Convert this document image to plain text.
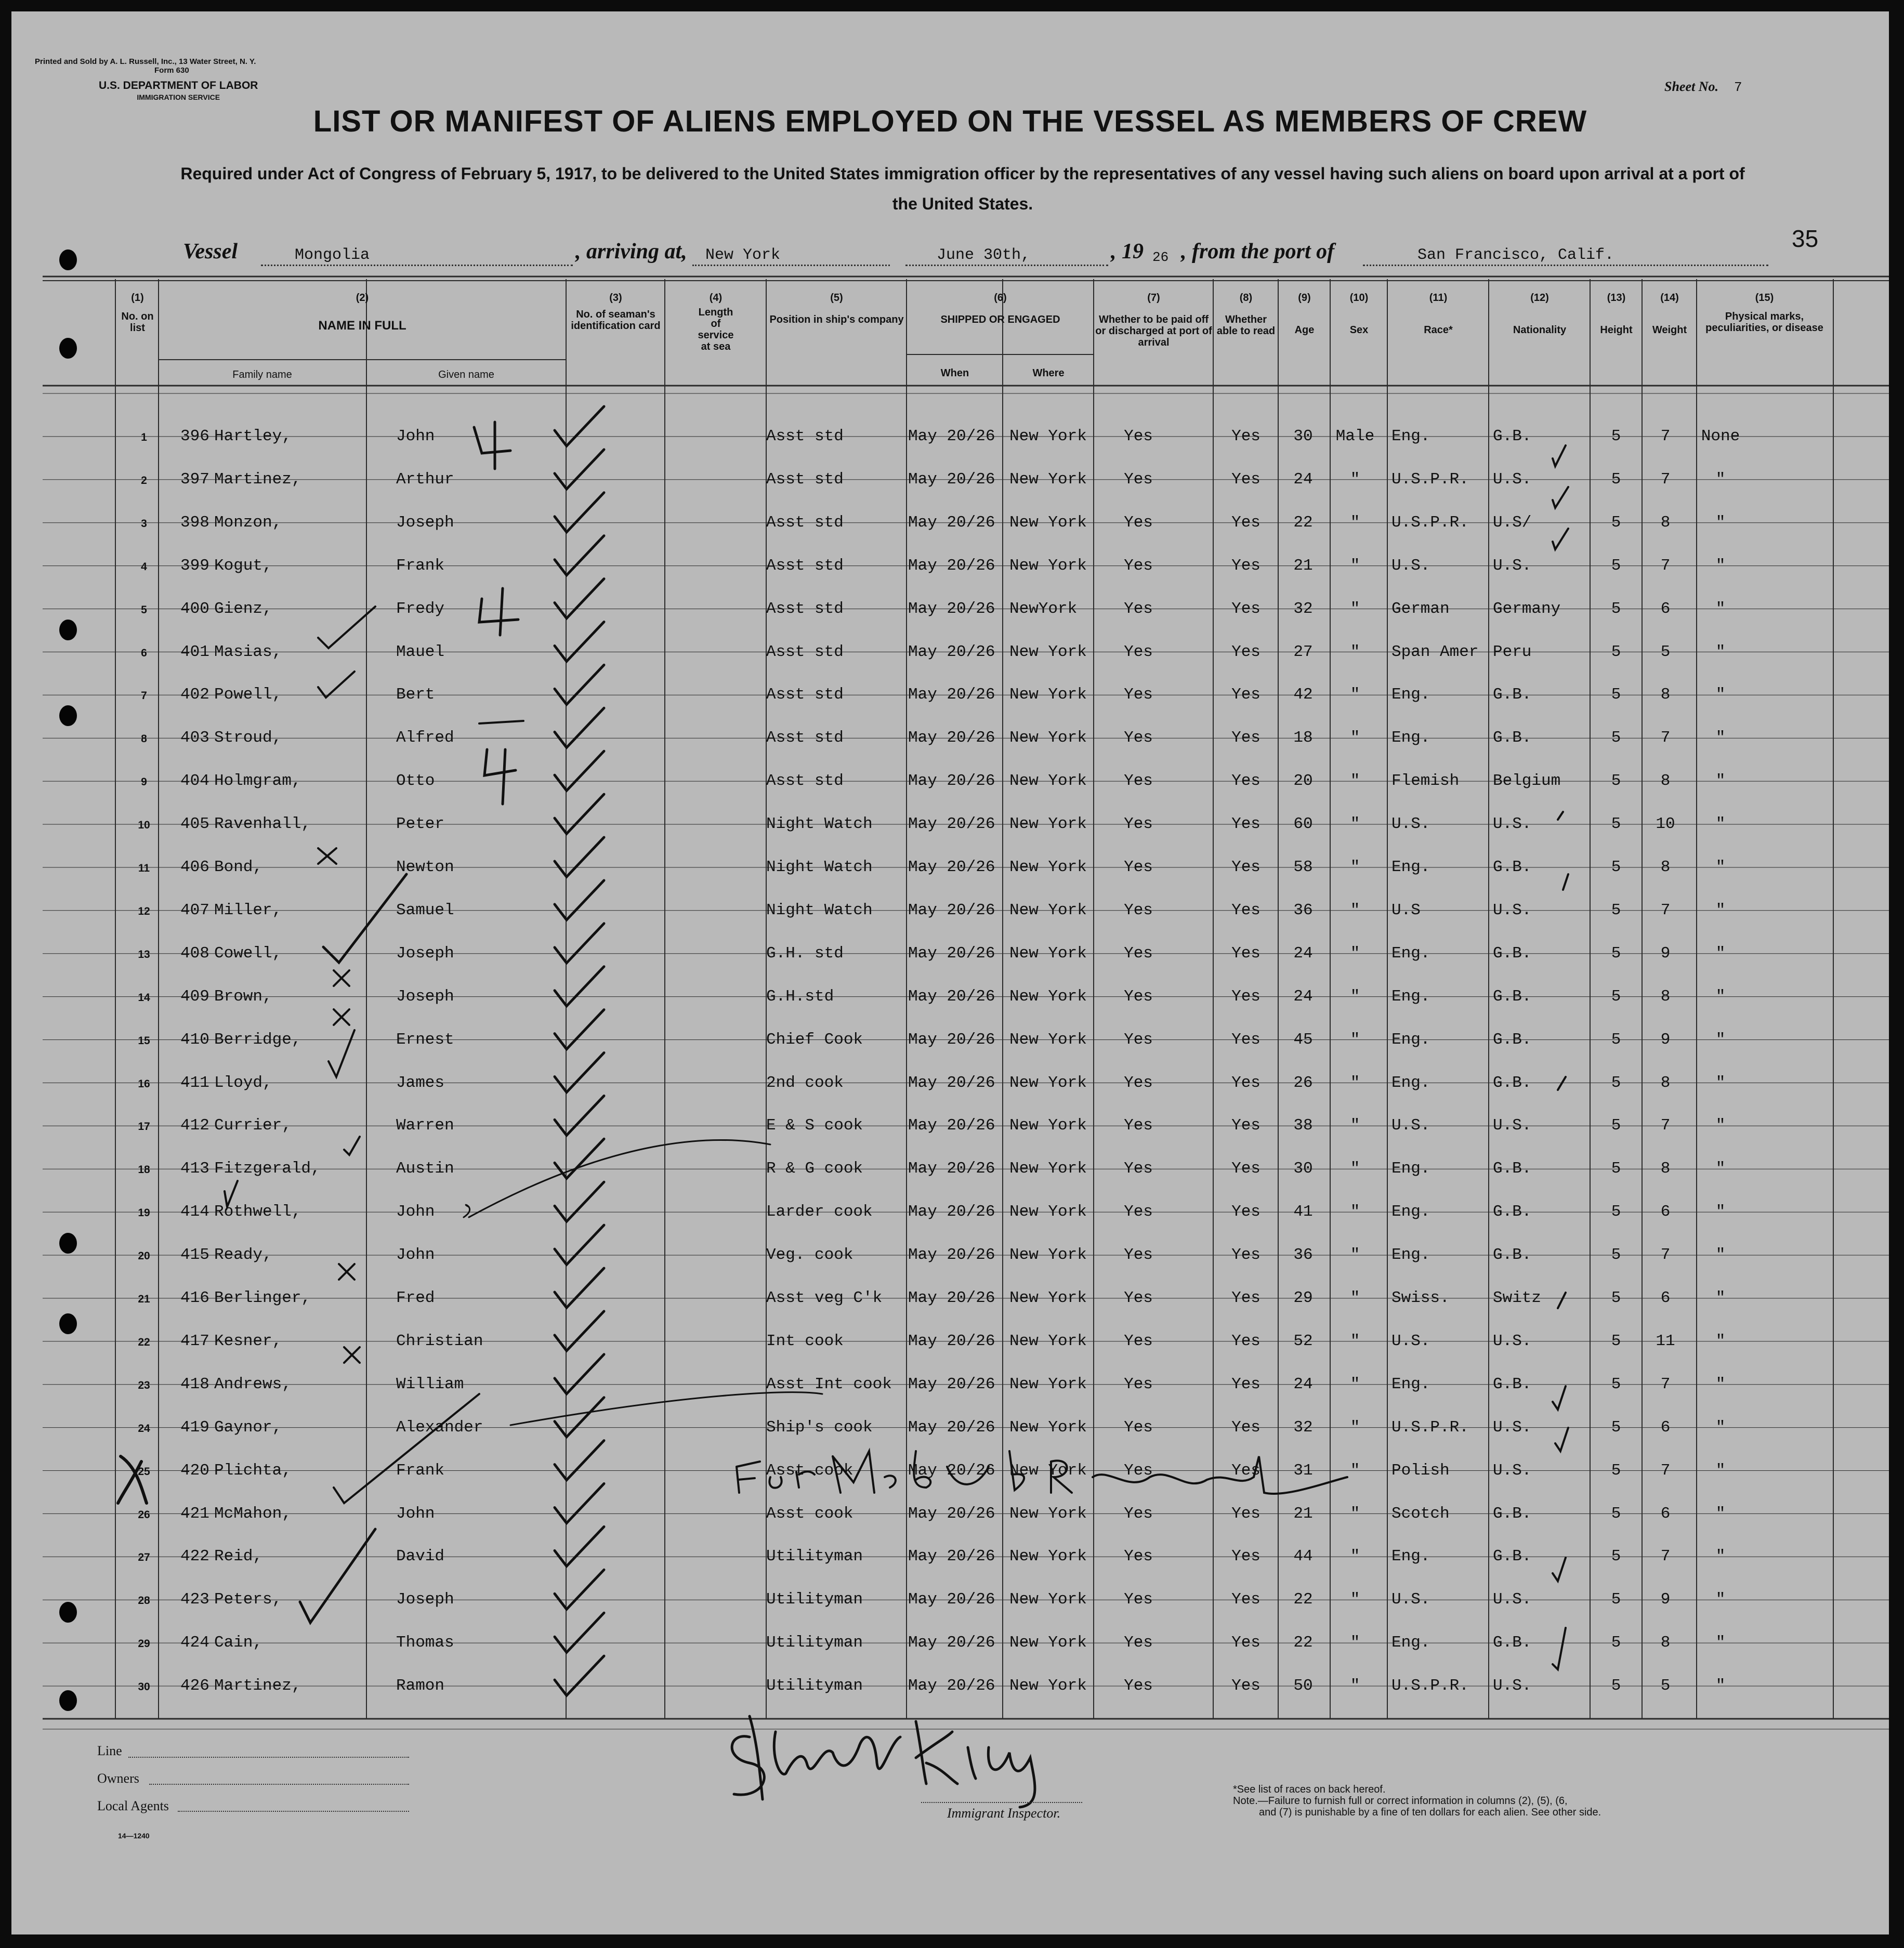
Printed and Sold by A. L. Russell, Inc., 13 Water Street, N. Y.
Form 630
U.S. DEPARTMENT OF LABOR
IMMIGRATION SERVICE
Sheet No. 7
LIST OR MANIFEST OF ALIENS EMPLOYED ON THE VESSEL AS MEMBERS OF CREW
Required under Act of Congress of February 5, 1917, to be delivered to the United States immigration officer by the representatives of any vessel having such aliens on board upon arrival at a port of the United States.
35
Vessel	Mongolia	, arriving at, New York	June 30th,	, 19 26 , from the port of	San Francisco, Calif.
(1)
No. on list
(2)
NAME IN FULL
Family name	Given name
(3)
No. of seaman's identification card
(4)
Length of service at sea
(5)
Position in ship's company
(6)
SHIPPED OR ENGAGED
When	Where
(7)
Whether to be paid off or discharged at port of arrival
(8)
Whether able to read
(9)
Age
(10)
Sex
(11)
Race*
(12)
Nationality
(13)
Height
(14)
Weight
(15)
Physical marks, peculiarities, or disease
1	396 Hartley,	John	Asst std	May 20/26 New York	Yes	Yes	30	Male	Eng.	G.B.	5	7	None
2	397 Martinez,	Arthur	Asst std	May 20/26 New York	Yes	Yes	24	"	U.S.P.R. U.S.	5	7	"
3	398 Monzon,	Joseph	Asst std	May 20/26 New York	Yes	Yes	22	"	U.S.P.R. U.S/	5	8	"
4	399 Kogut,	Frank	Asst std	May 20/26 New York	Yes	Yes	21	"	U.S.	U.S.	5	7	"
5	400 Gienz,	Fredy	Asst std	May 20/26 NewYork	Yes	Yes	32	"	German	Germany	5	6	"
6	401 Masias,	Mauel	Asst std	May 20/26 New York	Yes	Yes	27	"	Span Amer Peru	5	5	"
7	402 Powell,	Bert	Asst std	May 20/26 New York	Yes	Yes	42	"	Eng.	G.B.	5	8	"
8	403 Stroud,	Alfred	Asst std	May 20/26 New York	Yes	Yes	18	"	Eng.	G.B.	5	7	"
9	404 Holmgram,	Otto	Asst std	May 20/26 New York	Yes	Yes	20	"	Flemish Belgium	5	8	"
10	405 Ravenhall,	Peter	Night Watch May 20/26 New York	Yes	Yes	60	"	U.S.	U.S.	5	10	"
11	406 Bond,	Newton	Night Watch May 20/26 New York	Yes	Yes	58	"	Eng.	G.B.	5	8	"
12	407 Miller,	Samuel	Night Watch May 20/26 New York	Yes	Yes	36	"	U.S	U.S.	5	7	"
13	408 Cowell,	Joseph	G.H. std	May 20/26 New York	Yes	Yes	24	"	Eng.	G.B.	5	9	"
14	409 Brown,	Joseph	G.H.std	May 20/26 New York	Yes	Yes	24	"	Eng.	G.B.	5	8	"
15	410 Berridge,	Ernest	Chief Cook	May 20/26 New York	Yes	Yes	45	"	Eng.	G.B.	5	9	"
16	411 Lloyd,	James	2nd cook	May 20/26 New York	Yes	Yes	26	"	Eng.	G.B.	5	8	"
17	412 Currier,	Warren	E & S cook	May 20/26 New York	Yes	Yes	38	"	U.S.	U.S.	5	7	"
18	413 Fitzgerald,	Austin	R & G cook	May 20/26 New York	Yes	Yes	30	"	Eng.	G.B.	5	8	"
19	414 Rothwell,	John	Larder cook May 20/26 New York	Yes	Yes	41	"	Eng.	G.B.	5	6	"
20	415 Ready,	John	Veg. cook	May 20/26 New York	Yes	Yes	36	"	Eng.	G.B.	5	7	"
21	416 Berlinger,	Fred	Asst veg C'k May 20/26 New York	Yes	Yes	29	"	Swiss.	Switz	5	6	"
22	417 Kesner,	Christian	Int cook	May 20/26 New York	Yes	Yes	52	"	U.S.	U.S.	5	11	"
23	418 Andrews,	William	Asst Int cook May 20/26 New York	Yes	Yes	24	"	Eng.	G.B.	5	7	"
24	419 Gaynor,	Alexander	Ship's cook May 20/26 New York	Yes	Yes	32	"	U.S.P.R. U.S.	5	6	"
25	420 Plichta,	Frank	Asst cook	May 20/26 New York	Yes	Yes	31	"	Polish	U.S.	5	7	"
26	421 McMahon,	John	Asst cook	May 20/26 New York	Yes	Yes	21	"	Scotch	G.B.	5	6	"
27	422 Reid,	David	Utilityman	May 20/26 New York	Yes	Yes	44	"	Eng.	G.B.	5	7	"
28	423 Peters,	Joseph	Utilityman	May 20/26 New York	Yes	Yes	22	"	U.S.	U.S.	5	9	"
29	424 Cain,	Thomas	Utilityman	May 20/26 New York	Yes	Yes	22	"	Eng.	G.B.	5	8	"
30	426 Martinez,	Ramon	Utilityman	May 20/26 New York	Yes	Yes	50	"	U.S.P.R. U.S.	5	5	"
Line
Owners
Local Agents
14—1240
Immigrant Inspector.
*See list of races on back hereof.
Note.—Failure to furnish full or correct information in columns (2), (5), (6,
and (7) is punishable by a fine of ten dollars for each alien. See other side.
